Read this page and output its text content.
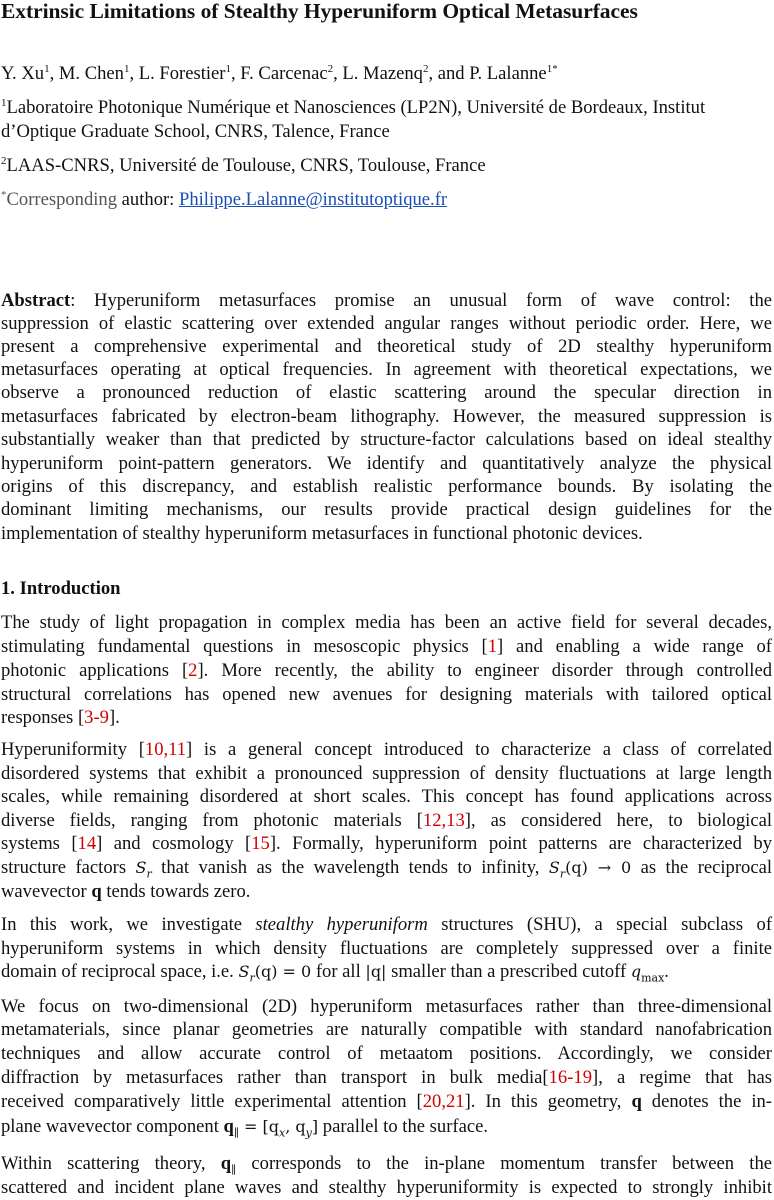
Extrinsic Limitations of Stealthy Hyperuniform Optical Metasurfaces
Y. Xu$^1$, M. Chen$^1$, L. Forestier$^1$, F. Carcenac$^2$, L. Mazenq$^2$, and P. Lalanne$^{1*}$
$^1$Laboratoire Photonique Numérique et Nanosciences (LP2N), Université de Bordeaux, Institut
d’Optique Graduate School, CNRS, Talence, France
$^2$LAAS-CNRS, Université de Toulouse, CNRS, Toulouse, France
*Corresponding author: Philippe.Lalanne@institutoptique.fr
Abstract: Hyperuniform metasurfaces promise an unusual form of wave control: the
suppression of elastic scattering over extended angular ranges without periodic order. Here, we
present a comprehensive experimental and theoretical study of 2D stealthy hyperuniform
metasurfaces operating at optical frequencies. In agreement with theoretical expectations, we
observe a pronounced reduction of elastic scattering around the specular direction in
metasurfaces fabricated by electron-beam lithography. However, the measured suppression is
substantially weaker than that predicted by structure-factor calculations based on ideal stealthy
hyperuniform point-pattern generators. We identify and quantitatively analyze the physical
origins of this discrepancy, and establish realistic performance bounds. By isolating the
dominant limiting mechanisms, our results provide practical design guidelines for the
implementation of stealthy hyperuniform metasurfaces in functional photonic devices.
1. Introduction
The study of light propagation in complex media has been an active field for several decades,
stimulating fundamental questions in mesoscopic physics [1] and enabling a wide range of
photonic applications [2]. More recently, the ability to engineer disorder through controlled
structural correlations has opened new avenues for designing materials with tailored optical
responses [3-9].
Hyperuniformity [10,11] is a general concept introduced to characterize a class of correlated
disordered systems that exhibit a pronounced suppression of density fluctuations at large length
scales, while remaining disordered at short scales. This concept has found applications across
diverse fields, ranging from photonic materials [12,13], as considered here, to biological
systems [14] and cosmology [15]. Formally, hyperuniform point patterns are characterized by
structure factors $S_r$ that vanish as the wavelength tends to infinity, $S_r(q) \to 0$ as the reciprocal
wavevector q tends towards zero.
In this work, we investigate stealthy hyperuniform structures (SHU), a special subclass of
hyperuniform systems in which density fluctuations are completely suppressed over a finite
domain of reciprocal space, i.e. $S_r(q) = 0$ for all |q| smaller than a prescribed cutoff $q_{max}$.
We focus on two-dimensional (2D) hyperuniform metasurfaces rather than three-dimensional
metamaterials, since planar geometries are naturally compatible with standard nanofabrication
techniques and allow accurate control of metaatom positions. Accordingly, we consider
diffraction by metasurfaces rather than transport in bulk media[16-19], a regime that has
received comparatively little experimental attention [20,21]. In this geometry, q denotes the in-
plane wavevector component $q_\parallel = [q_x$, $q_y$] parallel to the surface.
Within scattering theory, $q_\parallel$ corresponds to the in-plane momentum transfer between the
scattered and incident plane waves and stealthy hyperuniformity is expected to strongly inhibit
